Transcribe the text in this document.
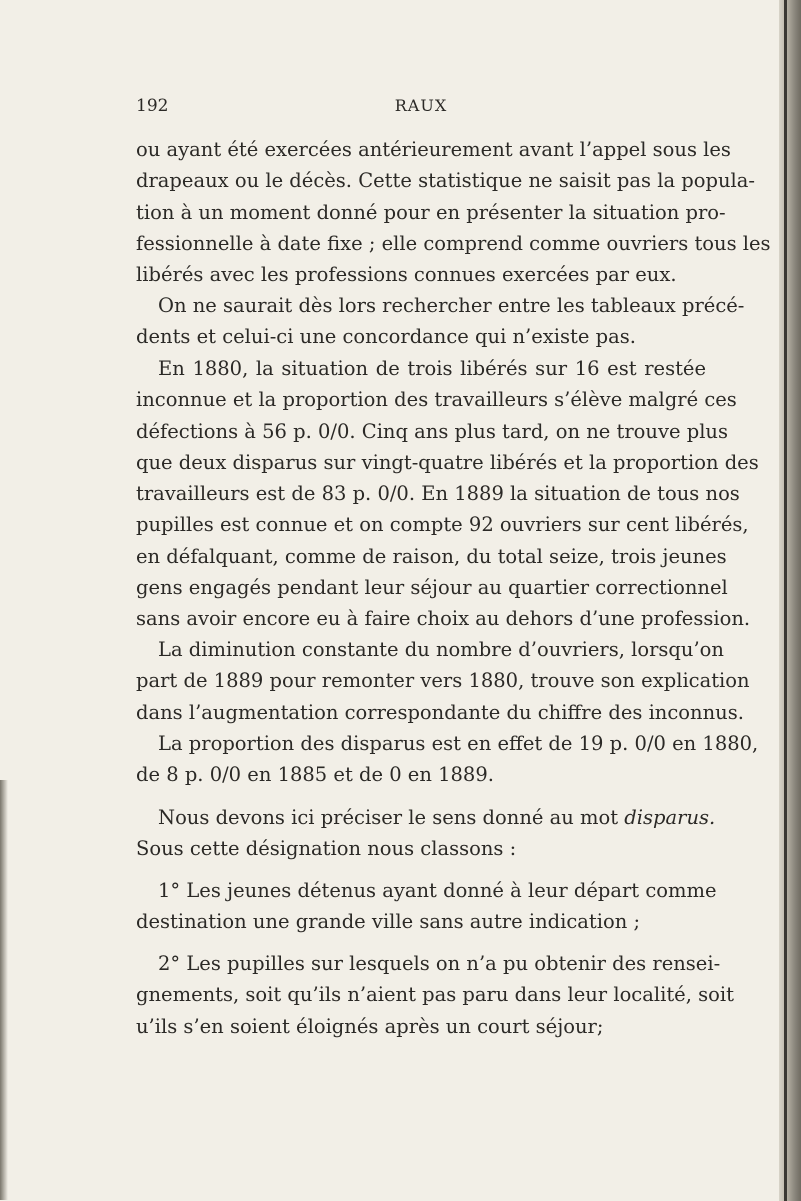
192	RAUX

ou ayant été exercées antérieurement avant l’appel sous les
drapeaux ou le décès. Cette statistique ne saisit pas la popula-
tion à un moment donné pour en présenter la situation pro-
fessionnelle à date fixe ; elle comprend comme ouvriers tous les
libérés avec les professions connues exercées par eux.

On ne saurait dès lors rechercher entre les tableaux précé-
dents et celui-ci une concordance qui n’existe pas.

En 1880, la situation de trois libérés sur 16 est restée
inconnue et la proportion des travailleurs s’élève malgré ces
défections à 56 p. 0/0. Cinq ans plus tard, on ne trouve plus
que deux disparus sur vingt-quatre libérés et la proportion des
travailleurs est de 83 p. 0/0. En 1889 la situation de tous nos
pupilles est connue et on compte 92 ouvriers sur cent libérés,
en défalquant, comme de raison, du total seize, trois jeunes
gens engagés pendant leur séjour au quartier correctionnel
sans avoir encore eu à faire choix au dehors d’une profession.

La diminution constante du nombre d’ouvriers, lorsqu’on
part de 1889 pour remonter vers 1880, trouve son explication
dans l’augmentation correspondante du chiffre des inconnus.

La proportion des disparus est en effet de 19 p. 0/0 en 1880,
de 8 p. 0/0 en 1885 et de 0 en 1889.

Nous devons ici préciser le sens donné au mot disparus.
Sous cette désignation nous classons :

1° Les jeunes détenus ayant donné à leur départ comme
destination une grande ville sans autre indication ;

2° Les pupilles sur lesquels on n’a pu obtenir des rensei-
gnements, soit qu’ils n’aient pas paru dans leur localité, soit
u’ils s’en soient éloignés après un court séjour;
